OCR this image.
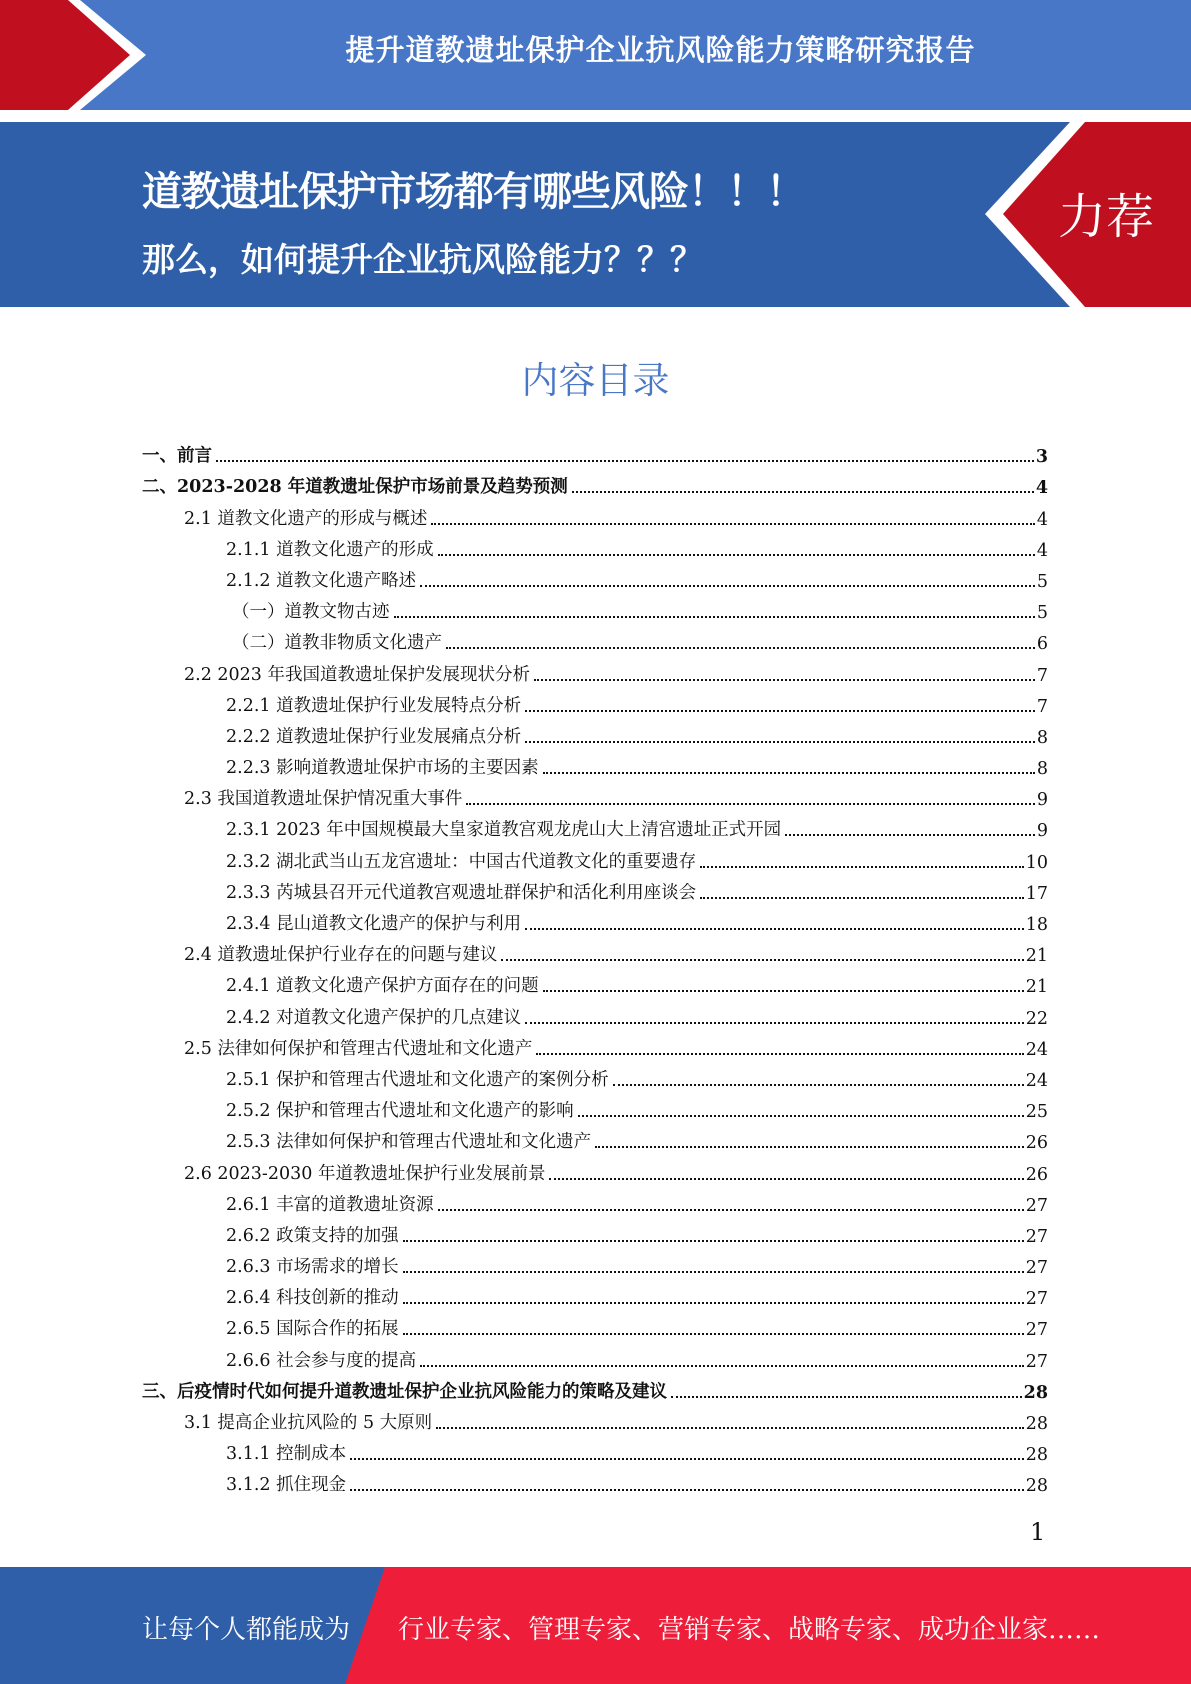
提升道教遗址保护企业抗风险能力策略研究报告
道教遗址保护市场都有哪些风险！！！
那么，如何提升企业抗风险能力？？？
力荐
内容目录
一、前言	3
二、2023-2028 年道教遗址保护市场前景及趋势预测	4
2.1 道教文化遗产的形成与概述	4
2.1.1 道教文化遗产的形成	4
2.1.2 道教文化遗产略述	5
（一）道教文物古迹	5
（二）道教非物质文化遗产	6
2.2 2023 年我国道教遗址保护发展现状分析	7
2.2.1 道教遗址保护行业发展特点分析	7
2.2.2 道教遗址保护行业发展痛点分析	8
2.2.3 影响道教遗址保护市场的主要因素	8
2.3 我国道教遗址保护情况重大事件	9
2.3.1 2023 年中国规模最大皇家道教宫观龙虎山大上清宫遗址正式开园	9
2.3.2 湖北武当山五龙宫遗址：中国古代道教文化的重要遗存	10
2.3.3 芮城县召开元代道教宫观遗址群保护和活化利用座谈会	17
2.3.4 昆山道教文化遗产的保护与利用	18
2.4 道教遗址保护行业存在的问题与建议	21
2.4.1 道教文化遗产保护方面存在的问题	21
2.4.2 对道教文化遗产保护的几点建议	22
2.5 法律如何保护和管理古代遗址和文化遗产	24
2.5.1 保护和管理古代遗址和文化遗产的案例分析	24
2.5.2 保护和管理古代遗址和文化遗产的影响	25
2.5.3 法律如何保护和管理古代遗址和文化遗产	26
2.6 2023-2030 年道教遗址保护行业发展前景	26
2.6.1 丰富的道教遗址资源	27
2.6.2 政策支持的加强	27
2.6.3 市场需求的增长	27
2.6.4 科技创新的推动	27
2.6.5 国际合作的拓展	27
2.6.6 社会参与度的提高	27
三、后疫情时代如何提升道教遗址保护企业抗风险能力的策略及建议	28
3.1 提高企业抗风险的 5 大原则	28
3.1.1 控制成本	28
3.1.2 抓住现金	28
1
让每个人都能成为 行业专家、管理专家、营销专家、战略专家、成功企业家……
